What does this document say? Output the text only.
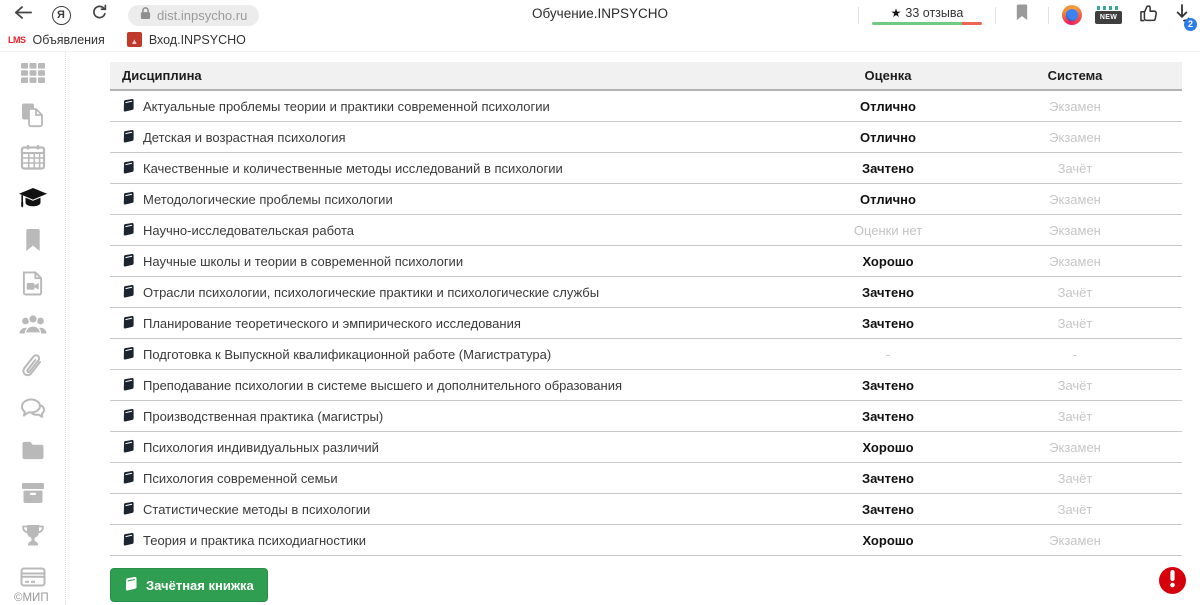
Я	dist.inpsycho.ru	Обучение.INPSYCHO	★ 33 отзыва	NEW
2
LMS Объявления	▲ Вход.INPSYCHO
©МИП
Дисциплина	Оценка	Система
Актуальные проблемы теории и практики современной психологии	Отлично	Экзамен
Детская и возрастная психология	Отлично	Экзамен
Качественные и количественные методы исследований в психологии	Зачтено	Зачёт
Методологические проблемы психологии	Отлично	Экзамен
Научно-исследовательская работа	Оценки нет	Экзамен
Научные школы и теории в современной психологии	Хорошо	Экзамен
Отрасли психологии, психологические практики и психологические службы	Зачтено	Зачёт
Планирование теоретического и эмпирического исследования	Зачтено	Зачёт
Подготовка к Выпускной квалификационной работе (Магистратура)	-	-
Преподавание психологии в системе высшего и дополнительного образования	Зачтено	Зачёт
Производственная практика (магистры)	Зачтено	Зачёт
Психология индивидуальных различий	Хорошо	Экзамен
Психология современной семьи	Зачтено	Зачёт
Статистические методы в психологии	Зачтено	Зачёт
Теория и практика психодиагностики	Хорошо	Экзамен
Зачётная книжка
